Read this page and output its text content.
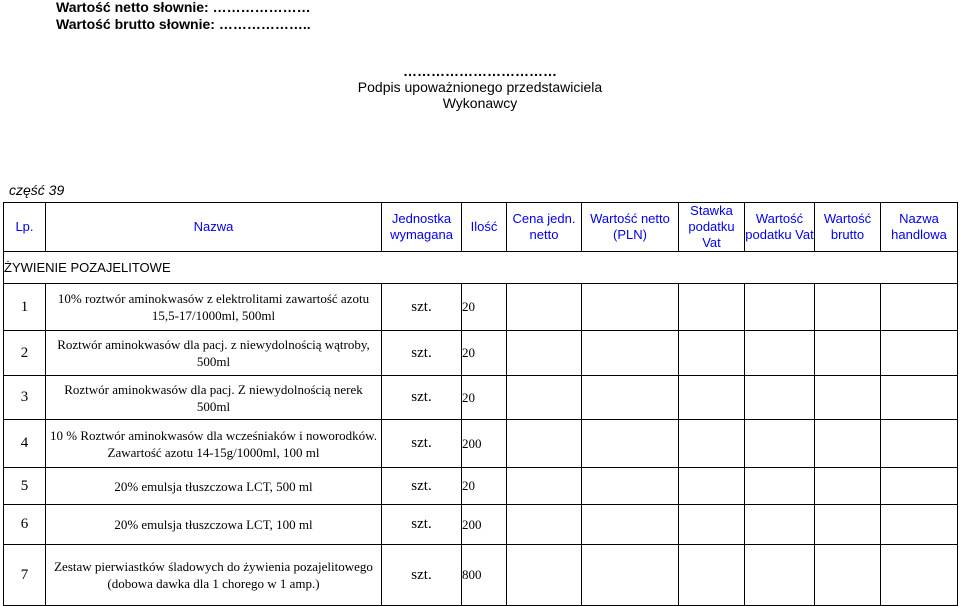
Wartość netto słownie: …………………
Wartość brutto słownie: ………………..
……………………………
Podpis upoważnionego przedstawiciela
Wykonawcy
część 39
Lp.	Nazwa	Jednostka wymagana	Ilość	Cena jedn. netto	Wartość netto (PLN)	Stawka podatku Vat	Wartość podatku Vat	Wartość brutto	Nazwa handlowa
ŻYWIENIE POZAJELITOWE									
1	10% roztwór aminokwasów z elektrolitami zawartość azotu 15,5-17/1000ml, 500ml	szt.	20						
2	Roztwór aminokwasów dla pacj. z niewydolnością wątroby, 500ml	szt.	20						
3	Roztwór aminokwasów dla pacj. Z niewydolnością nerek 500ml	szt.	20						
4	10 % Roztwór aminokwasów dla wcześniaków i noworodków. Zawartość azotu 14-15g/1000ml, 100 ml	szt.	200						
5	20% emulsja tłuszczowa LCT, 500 ml	szt.	20						
6	20% emulsja tłuszczowa LCT, 100 ml	szt.	200						
7	Zestaw pierwiastków śladowych do żywienia pozajelitowego (dobowa dawka dla 1 chorego w 1 amp.)	szt.	800						
